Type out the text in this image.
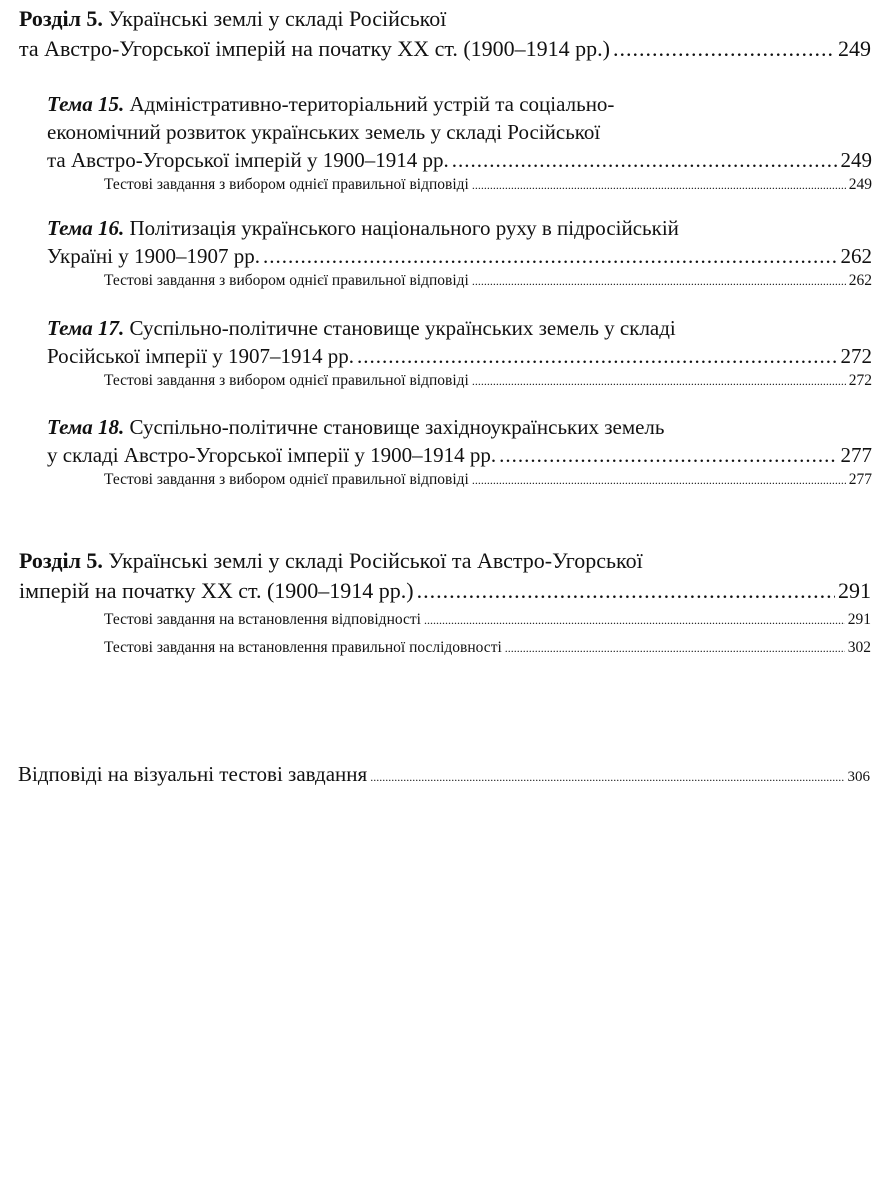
Розділ 5. Українські землі у складі Російської
та Австро-Угорської імперій на початку XX ст. (1900–1914 рр.) .....	249
Тема 15. Адміністративно-територіальний устрій та соціально-
економічний розвиток українських земель у складі Російської
та Австро-Угорської імперій у 1900–1914 рр. .....	249
Тестові завдання з вибором однієї правильної відповіді .....	249
Тема 16. Політизація українського національного руху в підросійській
Україні у 1900–1907 рр. .....	262
Тестові завдання з вибором однієї правильної відповіді .....	262
Тема 17. Суспільно-політичне становище українських земель у складі
Російської імперії у 1907–1914 рр. .....	272
Тестові завдання з вибором однієї правильної відповіді .....	272
Тема 18. Суспільно-політичне становище західноукраїнських земель
у складі Австро-Угорської імперії у 1900–1914 рр. .....	277
Тестові завдання з вибором однієї правильної відповіді .....	277
Розділ 5. Українські землі у складі Російської та Австро-Угорської
імперій на початку XX ст. (1900–1914 рр.) .....	291
Тестові завдання на встановлення відповідності .....	291
Тестові завдання на встановлення правильної послідовності .....	302
Відповіді на візуальні тестові завдання .....	306
